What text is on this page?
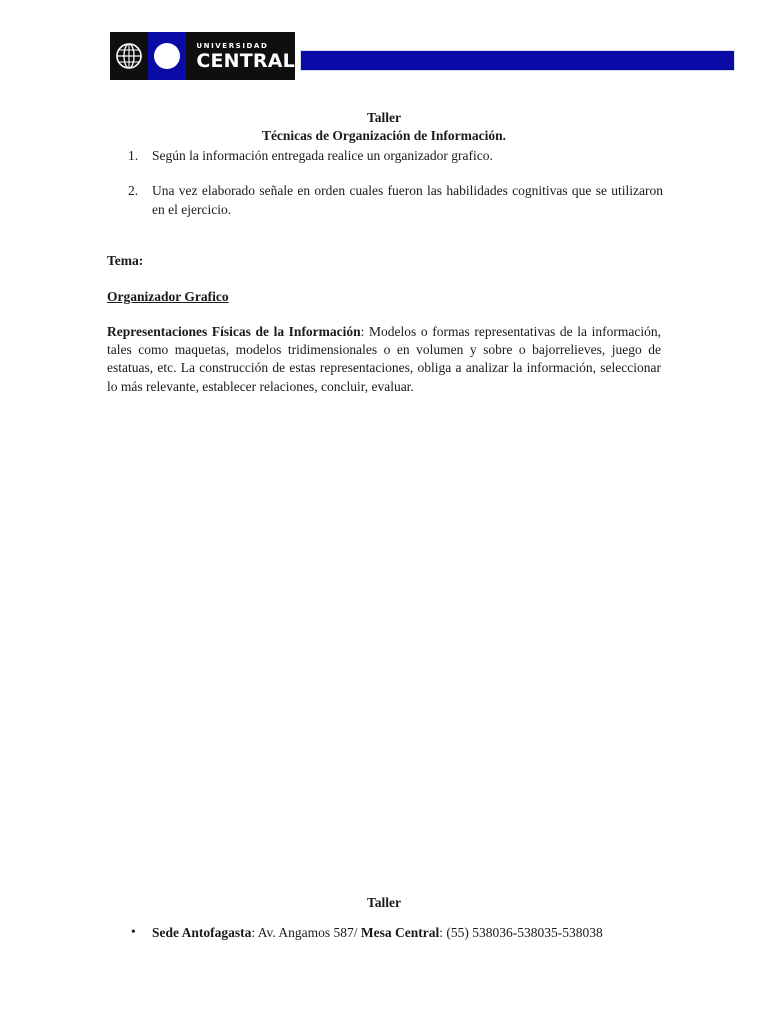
UNIVERSIDAD
CENTRAL
Taller
Técnicas de Organización de Información.
1. Según la información entregada realice un organizador grafico.
2. Una vez elaborado señale en orden cuales fueron las habilidades cognitivas que se utilizaron en el ejercicio.
Tema:
Organizador Grafico
Representaciones Físicas de la Información: Modelos o formas representativas de la información, tales como maquetas, modelos tridimensionales o en volumen y sobre o bajorrelieves, juego de estatuas, etc. La construcción de estas representaciones, obliga a analizar la información, seleccionar lo más relevante, establecer relaciones, concluir, evaluar.
Taller
• Sede Antofagasta: Av. Angamos 587/ Mesa Central: (55) 538036-538035-538038
